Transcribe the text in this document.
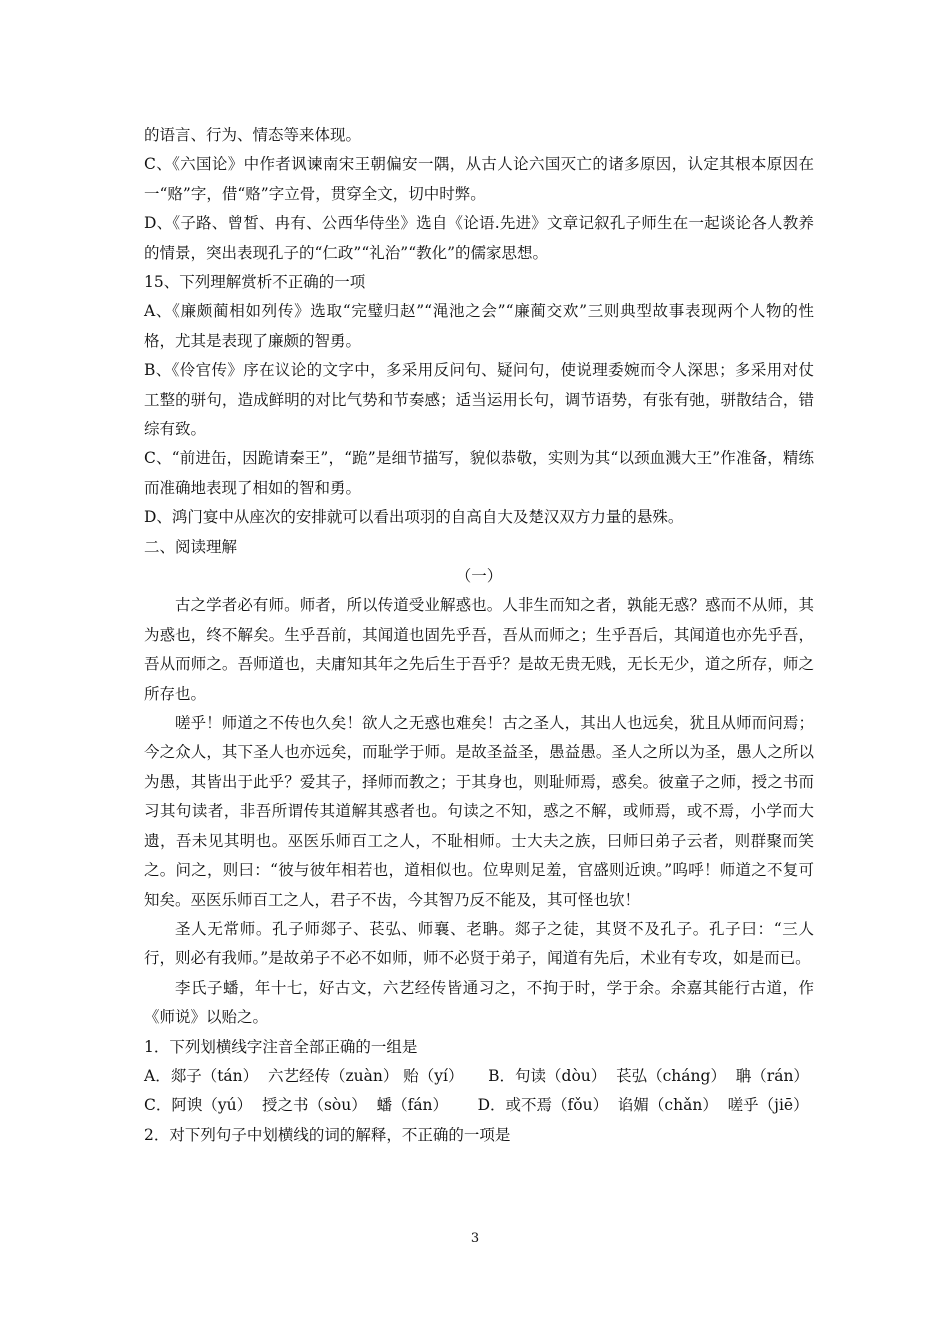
的语言、行为、情态等来体现。

C、《六国论》中作者讽谏南宋王朝偏安一隅，从古人论六国灭亡的诸多原因，认定其根本原因在一“赂”字，借“赂”字立骨，贯穿全文，切中时弊。

D、《子路、曾皙、冉有、公西华侍坐》选自《论语.先进》文章记叙孔子师生在一起谈论各人教养的情景，突出表现孔子的“仁政”“礼治”“教化”的儒家思想。

15、下列理解赏析不正确的一项

A、《廉颇蔺相如列传》选取“完璧归赵”“渑池之会”“廉蔺交欢”三则典型故事表现两个人物的性格，尤其是表现了廉颇的智勇。

B、《伶官传》序在议论的文字中，多采用反问句、疑问句，使说理委婉而令人深思；多采用对仗工整的骈句，造成鲜明的对比气势和节奏感；适当运用长句，调节语势，有张有弛，骈散结合，错综有致。

C、“前进缶，因跪请秦王”，“跪”是细节描写，貌似恭敬，实则为其“以颈血溅大王”作准备，精练而准确地表现了相如的智和勇。

D、鸿门宴中从座次的安排就可以看出项羽的自高自大及楚汉双方力量的悬殊。

二、阅读理解
（一）

古之学者必有师。师者，所以传道受业解惑也。人非生而知之者，孰能无惑？惑而不从师，其为惑也，终不解矣。生乎吾前，其闻道也固先乎吾，吾从而师之；生乎吾后，其闻道也亦先乎吾，吾从而师之。吾师道也，夫庸知其年之先后生于吾乎？是故无贵无贱，无长无少，道之所存，师之所存也。

嗟乎！师道之不传也久矣！欲人之无惑也难矣！古之圣人，其出人也远矣，犹且从师而问焉；今之众人，其下圣人也亦远矣，而耻学于师。是故圣益圣，愚益愚。圣人之所以为圣，愚人之所以为愚，其皆出于此乎？爱其子，择师而教之；于其身也，则耻师焉，惑矣。彼童子之师，授之书而习其句读者，非吾所谓传其道解其惑者也。句读之不知，惑之不解，或师焉，或不焉，小学而大遗，吾未见其明也。巫医乐师百工之人，不耻相师。士大夫之族，曰师曰弟子云者，则群聚而笑之。问之，则曰：“彼与彼年相若也，道相似也。位卑则足羞，官盛则近谀。”呜呼！师道之不复可知矣。巫医乐师百工之人，君子不齿，今其智乃反不能及，其可怪也欤！

圣人无常师。孔子师郯子、苌弘、师襄、老聃。郯子之徒，其贤不及孔子。孔子曰：“三人行，则必有我师。”是故弟子不必不如师，师不必贤于弟子，闻道有先后，术业有专攻，如是而已。

李氏子蟠，年十七，好古文，六艺经传皆通习之，不拘于时，学于余。余嘉其能行古道，作《师说》以贻之。

1．下列划横线字注音全部正确的一组是
A．郯子（tán）  六艺经传（zuàn） 贻（yí）     B．句读（dòu）  苌弘（cháng）  聃（rán）
C．阿谀（yú）  授之书（sòu）  蟠（fán）      D．或不焉（fǒu）  谄媚（chǎn）  嗟乎（jiē）
2．对下列句子中划横线的词的解释，不正确的一项是
3
